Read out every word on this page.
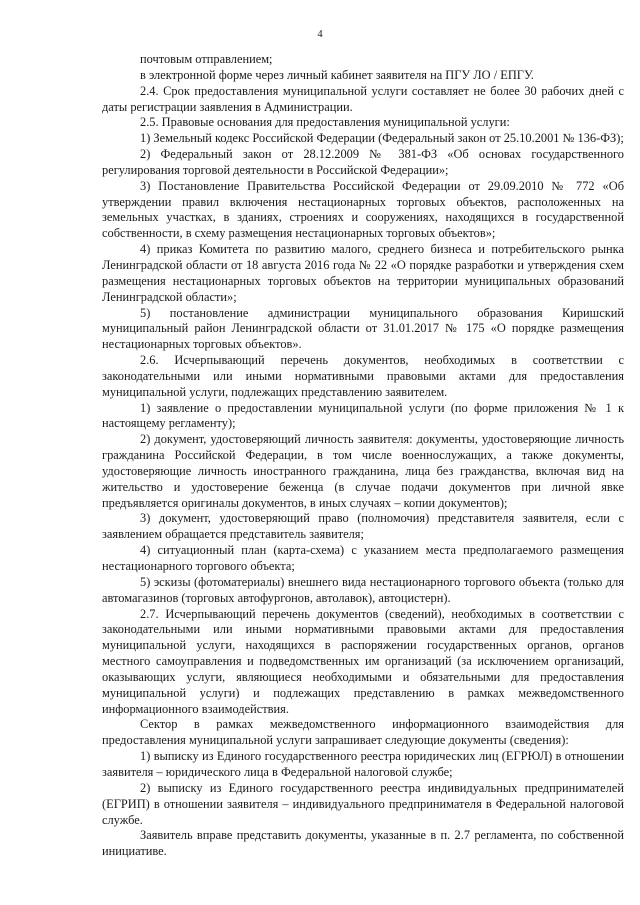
4

почтовым отправлением;

в электронной форме через личный кабинет заявителя на ПГУ ЛО / ЕПГУ.

2.4. Срок предоставления муниципальной услуги составляет не более 30 рабочих дней с даты регистрации заявления в Администрации.

2.5. Правовые основания для предоставления муниципальной услуги:

1) Земельный кодекс Российской Федерации (Федеральный закон от 25.10.2001 № 136-ФЗ);

2) Федеральный закон от 28.12.2009 № 381-ФЗ «Об основах государственного регулирования торговой деятельности в Российской Федерации»;

3) Постановление Правительства Российской Федерации от 29.09.2010 № 772 «Об утверждении правил включения нестационарных торговых объектов, расположенных на земельных участках, в зданиях, строениях и сооружениях, находящихся в государственной собственности, в схему размещения нестационарных торговых объектов»;

4) приказ Комитета по развитию малого, среднего бизнеса и потребительского рынка Ленинградской области от 18 августа 2016 года № 22 «О порядке разработки и утверждения схем размещения нестационарных торговых объектов на территории муниципальных образований Ленинградской области»;

5) постановление администрации муниципального образования Киришский муниципальный район Ленинградской области от 31.01.2017 № 175 «О порядке размещения нестационарных торговых объектов».

2.6. Исчерпывающий перечень документов, необходимых в соответствии с законодательными или иными нормативными правовыми актами для предоставления муниципальной услуги, подлежащих представлению заявителем.

1) заявление о предоставлении муниципальной услуги (по форме приложения № 1 к настоящему регламенту);

2) документ, удостоверяющий личность заявителя: документы, удостоверяющие личность гражданина Российской Федерации, в том числе военнослужащих, а также документы, удостоверяющие личность иностранного гражданина, лица без гражданства, включая вид на жительство и удостоверение беженца (в случае подачи документов при личной явке предъявляется оригиналы документов, в иных случаях – копии документов);

3) документ, удостоверяющий право (полномочия) представителя заявителя, если с заявлением обращается представитель заявителя;

4) ситуационный план (карта-схема) с указанием места предполагаемого размещения нестационарного торгового объекта;

5) эскизы (фотоматериалы) внешнего вида нестационарного торгового объекта (только для автомагазинов (торговых автофургонов, автолавок), автоцистерн).

2.7. Исчерпывающий перечень документов (сведений), необходимых в соответствии с законодательными или иными нормативными правовыми актами для предоставления муниципальной услуги, находящихся в распоряжении государственных органов, органов местного самоуправления и подведомственных им организаций (за исключением организаций, оказывающих услуги, являющиеся необходимыми и обязательными для предоставления муниципальной услуги) и подлежащих представлению в рамках межведомственного информационного взаимодействия.

Сектор в рамках межведомственного информационного взаимодействия для предоставления муниципальной услуги запрашивает следующие документы (сведения):

1) выписку из Единого государственного реестра юридических лиц (ЕГРЮЛ) в отношении заявителя – юридического лица в Федеральной налоговой службе;

2) выписку из Единого государственного реестра индивидуальных предпринимателей (ЕГРИП) в отношении заявителя – индивидуального предпринимателя в Федеральной налоговой службе.

Заявитель вправе представить документы, указанные в п. 2.7 регламента, по собственной инициативе.
